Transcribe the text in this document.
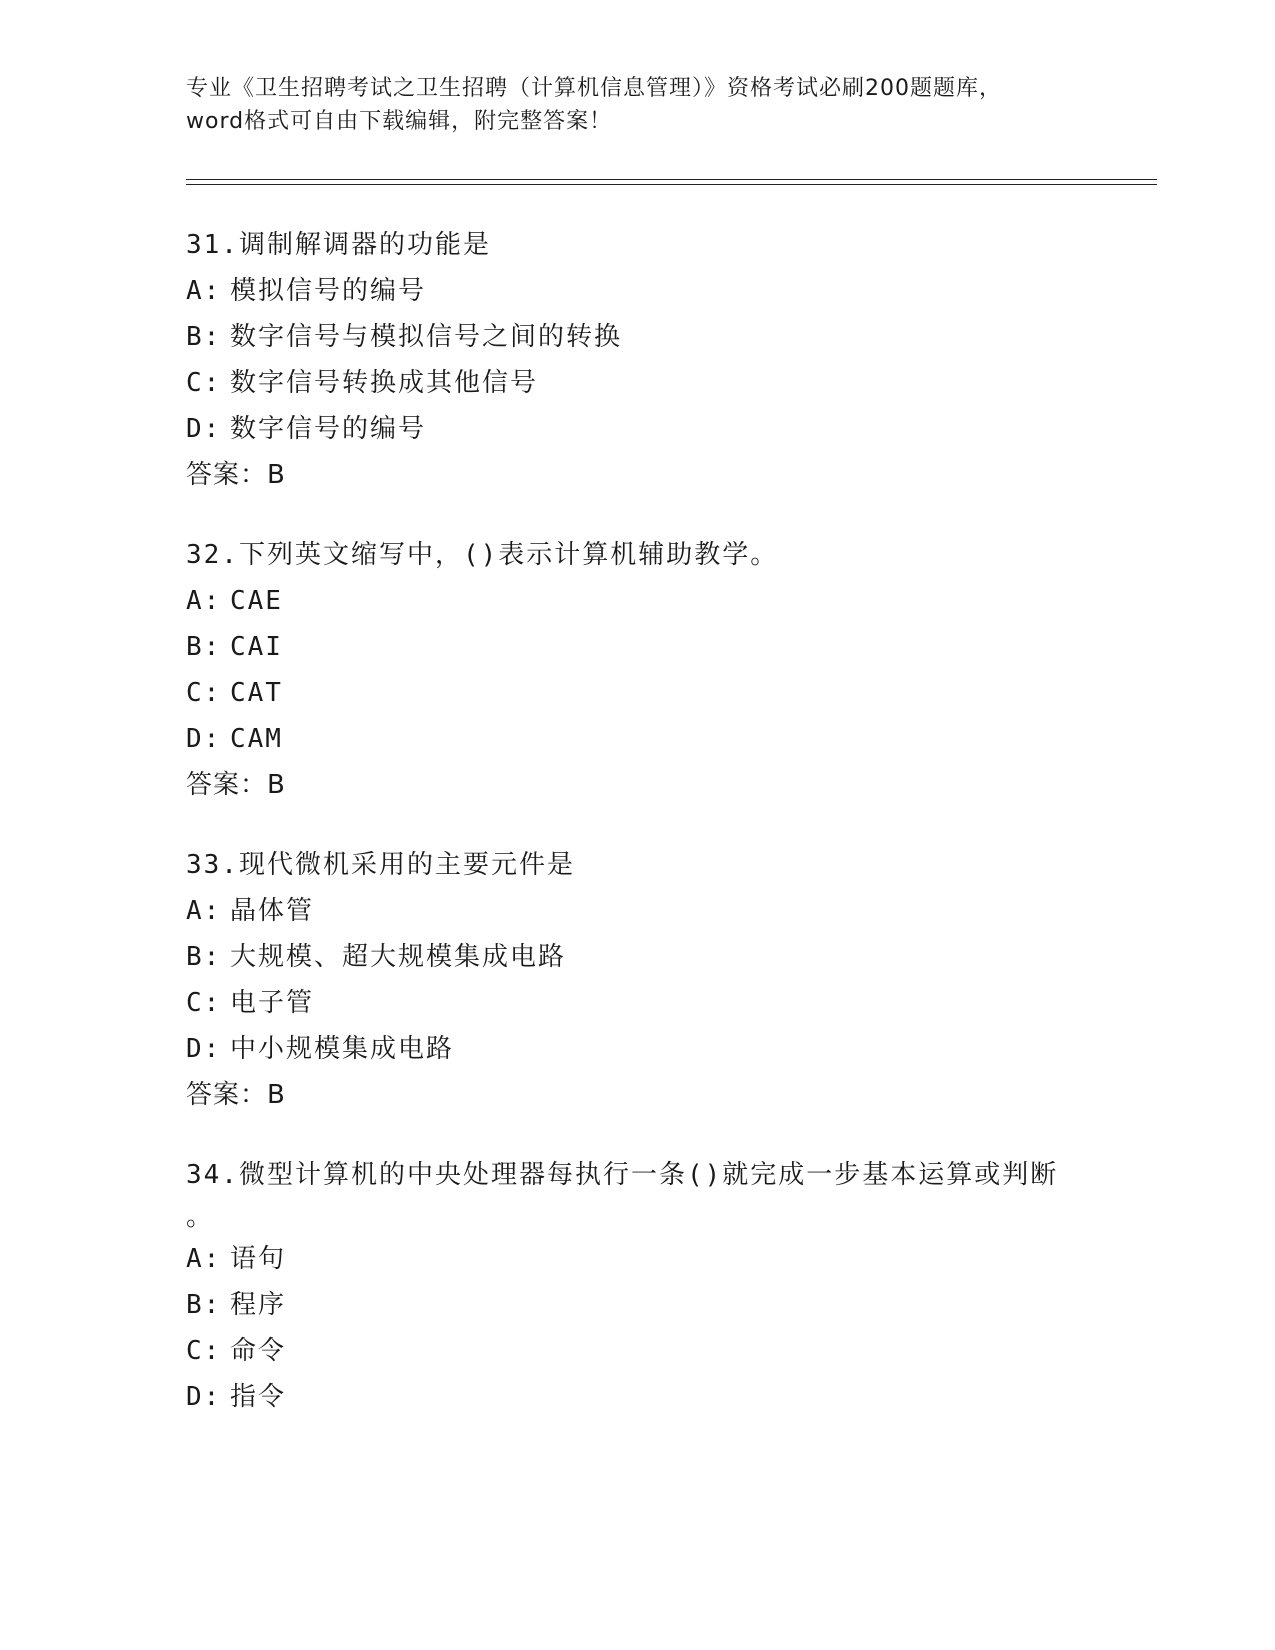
专业《卫生招聘考试之卫生招聘（计算机信息管理）》资格考试必刷200题题库，
word格式可自由下载编辑，附完整答案！
31.调制解调器的功能是
A: 模拟信号的编号
B: 数字信号与模拟信号之间的转换
C: 数字信号转换成其他信号
D: 数字信号的编号
答案：B
32.下列英文缩写中，()表示计算机辅助教学。
A: CAE
B: CAI
C: CAT
D: CAM
答案：B
33.现代微机采用的主要元件是
A: 晶体管
B: 大规模、超大规模集成电路
C: 电子管
D: 中小规模集成电路
答案：B
34.微型计算机的中央处理器每执行一条()就完成一步基本运算或判断
。
A: 语句
B: 程序
C: 命令
D: 指令
